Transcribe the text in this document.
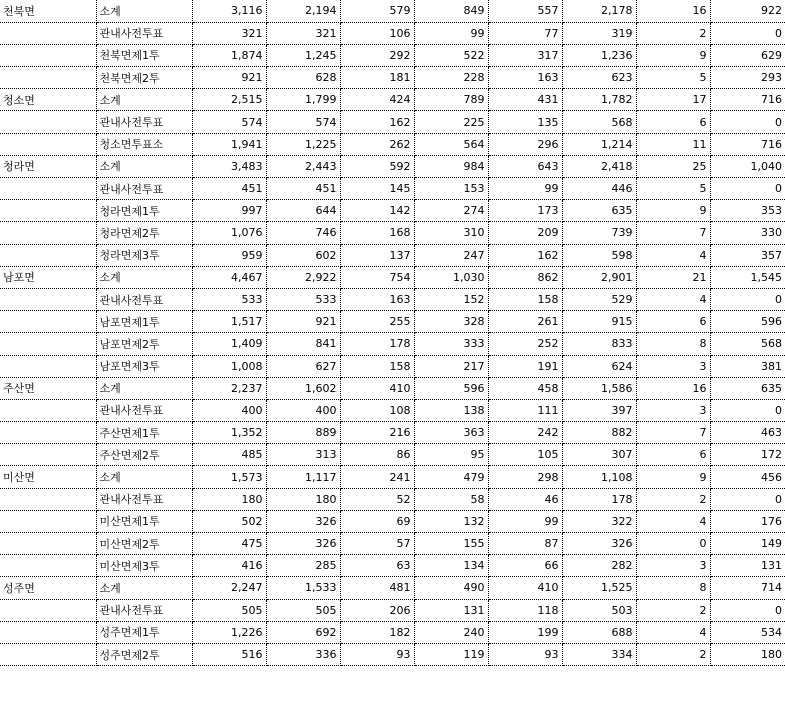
천북면	소계	3,116	2,194	579	849	557	2,178	16	922
	관내사전투표	321	321	106	99	77	319	2	0
	천북면제1투	1,874	1,245	292	522	317	1,236	9	629
	천북면제2투	921	628	181	228	163	623	5	293
청소면	소계	2,515	1,799	424	789	431	1,782	17	716
	관내사전투표	574	574	162	225	135	568	6	0
	청소면투표소	1,941	1,225	262	564	296	1,214	11	716
청라면	소계	3,483	2,443	592	984	643	2,418	25	1,040
	관내사전투표	451	451	145	153	99	446	5	0
	청라면제1투	997	644	142	274	173	635	9	353
	청라면제2투	1,076	746	168	310	209	739	7	330
	청라면제3투	959	602	137	247	162	598	4	357
남포면	소계	4,467	2,922	754	1,030	862	2,901	21	1,545
	관내사전투표	533	533	163	152	158	529	4	0
	남포면제1투	1,517	921	255	328	261	915	6	596
	남포면제2투	1,409	841	178	333	252	833	8	568
	남포면제3투	1,008	627	158	217	191	624	3	381
주산면	소계	2,237	1,602	410	596	458	1,586	16	635
	관내사전투표	400	400	108	138	111	397	3	0
	주산면제1투	1,352	889	216	363	242	882	7	463
	주산면제2투	485	313	86	95	105	307	6	172
미산면	소계	1,573	1,117	241	479	298	1,108	9	456
	관내사전투표	180	180	52	58	46	178	2	0
	미산면제1투	502	326	69	132	99	322	4	176
	미산면제2투	475	326	57	155	87	326	0	149
	미산면제3투	416	285	63	134	66	282	3	131
성주면	소계	2,247	1,533	481	490	410	1,525	8	714
	관내사전투표	505	505	206	131	118	503	2	0
	성주면제1투	1,226	692	182	240	199	688	4	534
	성주면제2투	516	336	93	119	93	334	2	180
